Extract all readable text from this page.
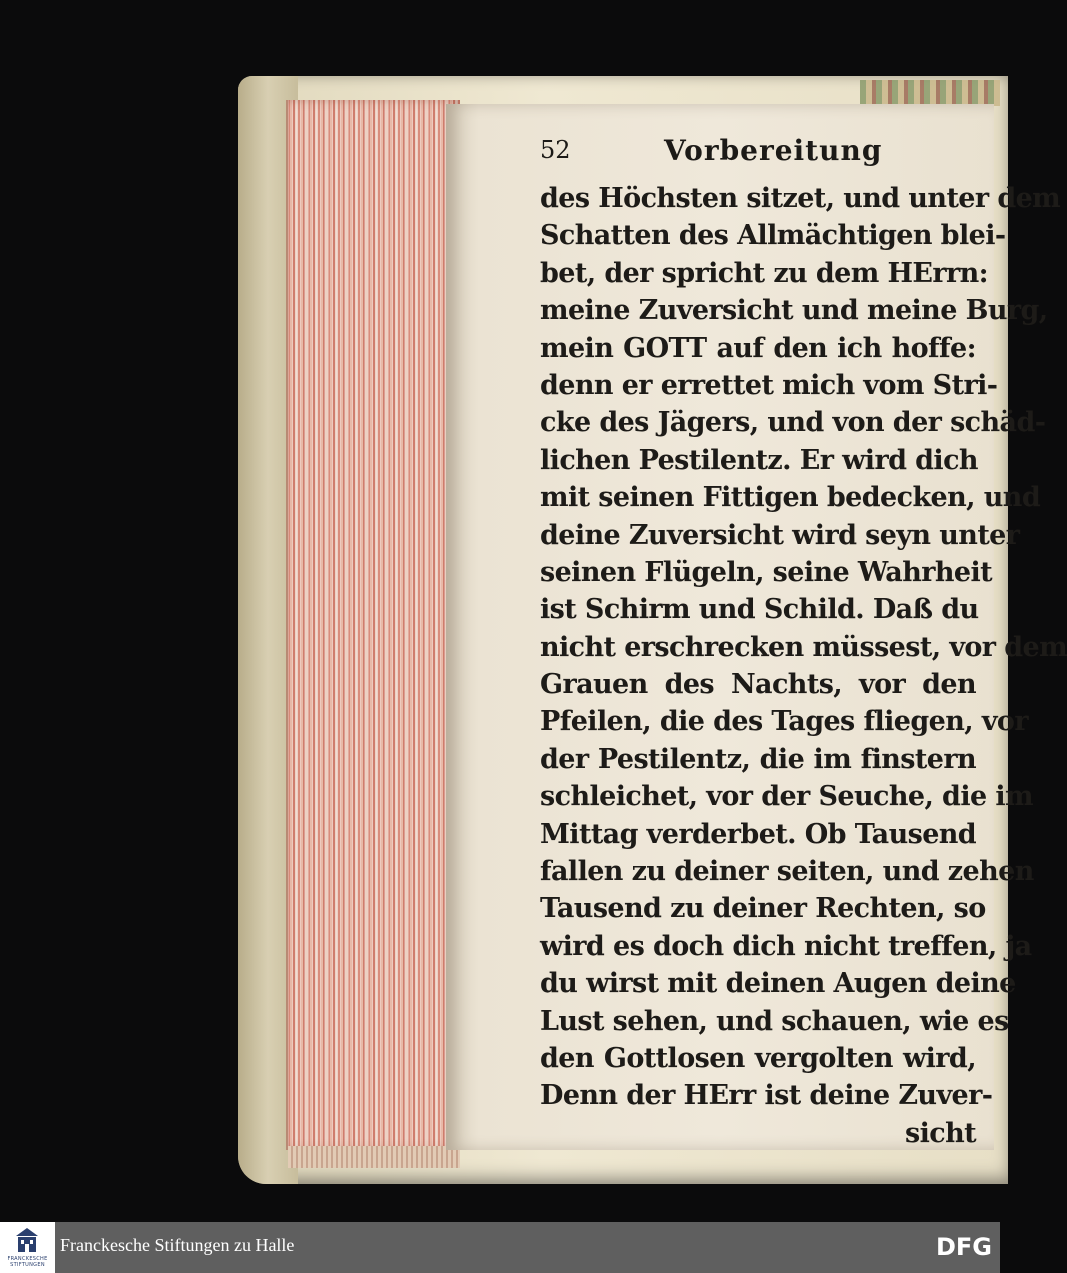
52	Vorbereitung
des Höchsten sitzet, und unter dem
Schatten des Allmächtigen blei-
bet, der spricht zu dem HErrn:
meine Zuversicht und meine Burg,
mein GOTT auf den ich hoffe:
denn er errettet mich vom Stri-
cke des Jägers, und von der schäd-
lichen Pestilentz. Er wird dich
mit seinen Fittigen bedecken, und
deine Zuversicht wird seyn unter
seinen Flügeln, seine Wahrheit
ist Schirm und Schild. Daß du
nicht erschrecken müssest, vor dem
Grauen des Nachts, vor den
Pfeilen, die des Tages fliegen, vor
der Pestilentz, die im finstern
schleichet, vor der Seuche, die im
Mittag verderbet. Ob Tausend
fallen zu deiner seiten, und zehen
Tausend zu deiner Rechten, so
wird es doch dich nicht treffen, ja
du wirst mit deinen Augen deine
Lust sehen, und schauen, wie es
den Gottlosen vergolten wird,
Denn der HErr ist deine Zuver-
sicht
FRANCKESCHE STIFTUNGEN
Franckesche Stiftungen zu Halle	DFG
